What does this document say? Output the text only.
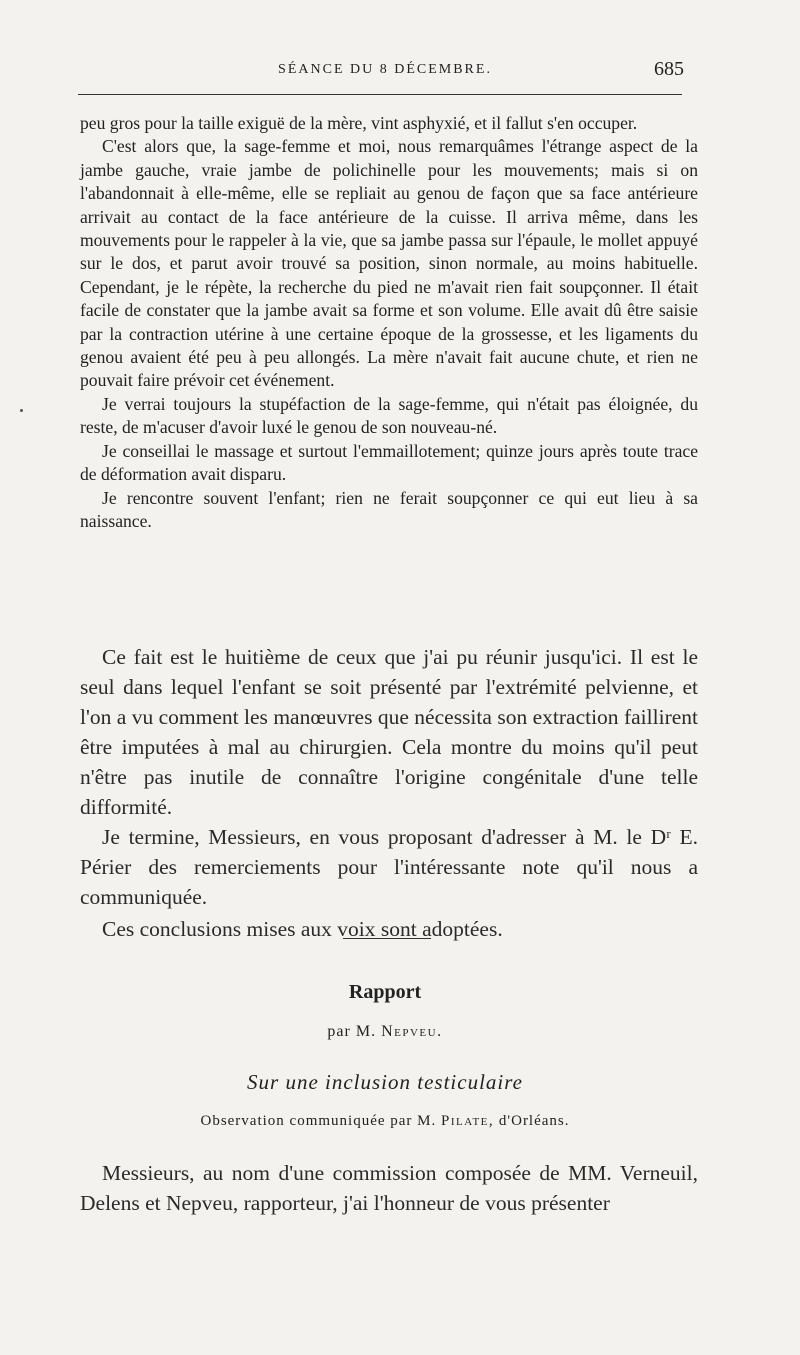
SÉANCE DU 8 DÉCEMBRE.	685

peu gros pour la taille exiguë de la mère, vint asphyxié, et il fallut s'en occuper.

C'est alors que, la sage-femme et moi, nous remarquâmes l'étrange aspect de la jambe gauche, vraie jambe de polichinelle pour les mouvements; mais si on l'abandonnait à elle-même, elle se repliait au genou de façon que sa face antérieure arrivait au contact de la face antérieure de la cuisse. Il arriva même, dans les mouvements pour le rappeler à la vie, que sa jambe passa sur l'épaule, le mollet appuyé sur le dos, et parut avoir trouvé sa position, sinon normale, au moins habituelle. Cependant, je le répète, la recherche du pied ne m'avait rien fait soupçonner. Il était facile de constater que la jambe avait sa forme et son volume. Elle avait dû être saisie par la contraction utérine à une certaine époque de la grossesse, et les ligaments du genou avaient été peu à peu allongés. La mère n'avait fait aucune chute, et rien ne pouvait faire prévoir cet événement.

Je verrai toujours la stupéfaction de la sage-femme, qui n'était pas éloignée, du reste, de m'acuser d'avoir luxé le genou de son nouveau-né.

Je conseillai le massage et surtout l'emmaillotement; quinze jours après toute trace de déformation avait disparu.

Je rencontre souvent l'enfant; rien ne ferait soupçonner ce qui eut lieu à sa naissance.

Ce fait est le huitième de ceux que j'ai pu réunir jusqu'ici. Il est le seul dans lequel l'enfant se soit présenté par l'extrémité pelvienne, et l'on a vu comment les manœuvres que nécessita son extraction faillirent être imputées à mal au chirurgien. Cela montre du moins qu'il peut n'être pas inutile de connaître l'origine congénitale d'une telle difformité.

Je termine, Messieurs, en vous proposant d'adresser à M. le Dʳ E. Périer des remerciements pour l'intéressante note qu'il nous a communiquée.

Ces conclusions mises aux voix sont adoptées.

Rapport
par M. Nepveu.
Sur une inclusion testiculaire
Observation communiquée par M. Pilate, d'Orléans.

Messieurs, au nom d'une commission composée de MM. Verneuil, Delens et Nepveu, rapporteur, j'ai l'honneur de vous présenter
